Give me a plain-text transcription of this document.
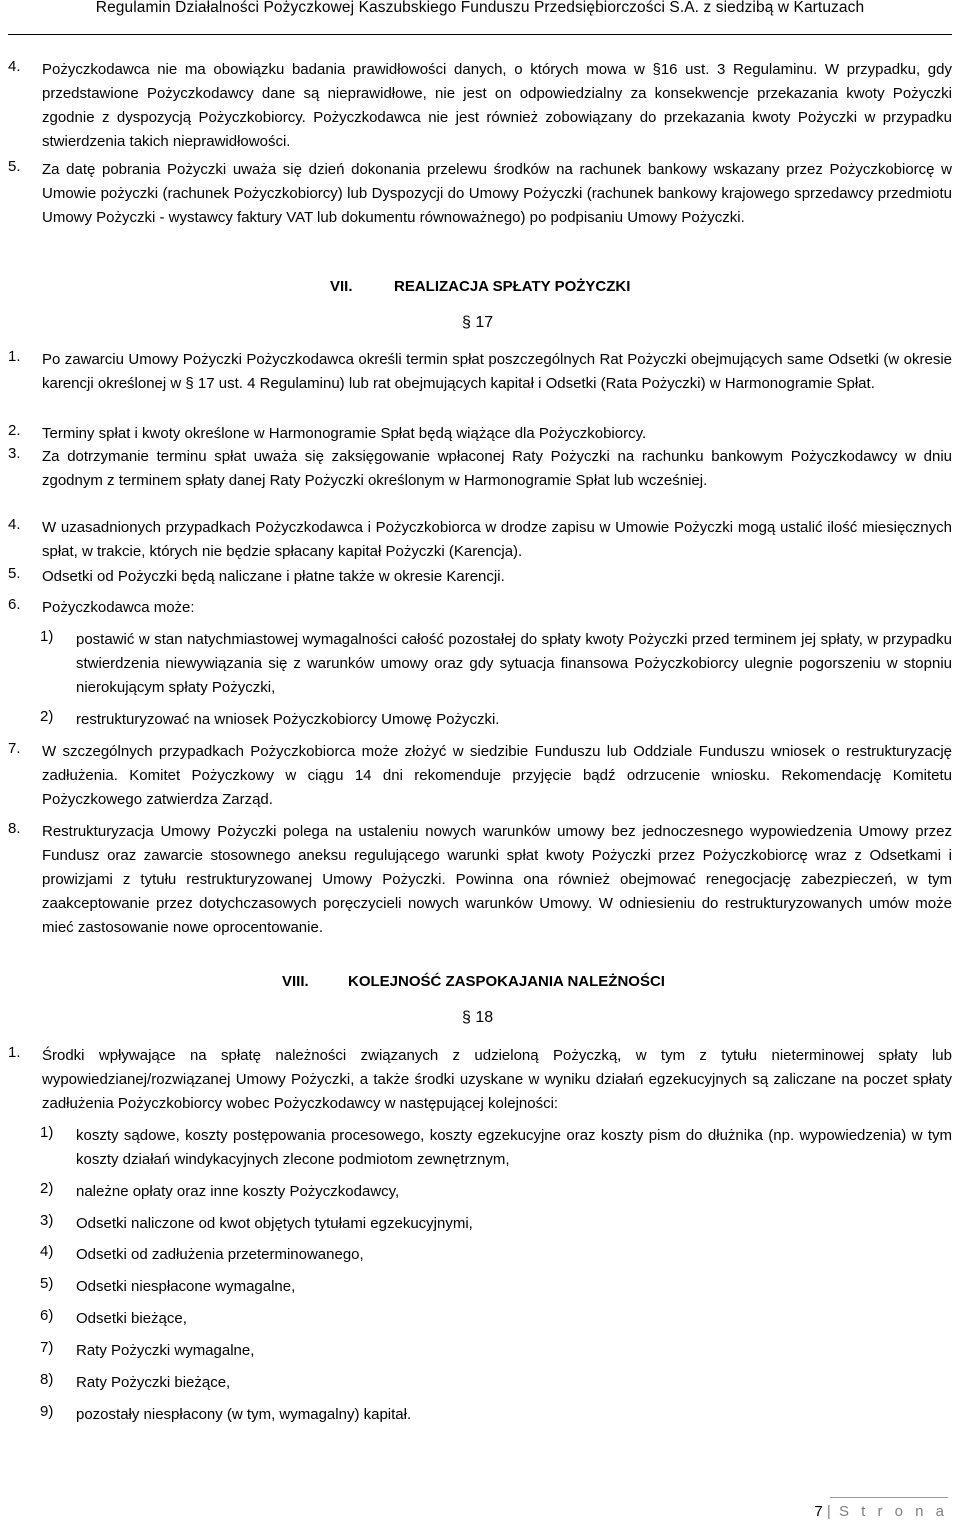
Regulamin Działalności Pożyczkowej Kaszubskiego Funduszu Przedsiębiorczości S.A. z siedzibą w Kartuzach
4. Pożyczkodawca nie ma obowiązku badania prawidłowości danych, o których mowa w §16 ust. 3 Regulaminu. W przypadku, gdy przedstawione Pożyczkodawcy dane są nieprawidłowe, nie jest on odpowiedzialny za konsekwencje przekazania kwoty Pożyczki zgodnie z dyspozycją Pożyczkobiorcy. Pożyczkodawca nie jest również zobowiązany do przekazania kwoty Pożyczki w przypadku stwierdzenia takich nieprawidłowości.
5. Za datę pobrania Pożyczki uważa się dzień dokonania przelewu środków na rachunek bankowy wskazany przez Pożyczkobiorcę w Umowie pożyczki (rachunek Pożyczkobiorcy) lub Dyspozycji do Umowy Pożyczki (rachunek bankowy krajowego sprzedawcy przedmiotu Umowy Pożyczki - wystawcy faktury VAT lub dokumentu równoważnego) po podpisaniu Umowy Pożyczki.
VII.	REALIZACJA SPŁATY POŻYCZKI
§ 17
1. Po zawarciu Umowy Pożyczki Pożyczkodawca określi termin spłat poszczególnych Rat Pożyczki obejmujących same Odsetki (w okresie karencji określonej w § 17 ust. 4 Regulaminu) lub rat obejmujących kapitał i Odsetki (Rata Pożyczki) w Harmonogramie Spłat.
2. Terminy spłat i kwoty określone w Harmonogramie Spłat będą wiążące dla Pożyczkobiorcy.
3. Za dotrzymanie terminu spłat uważa się zaksięgowanie wpłaconej Raty Pożyczki na rachunku bankowym Pożyczkodawcy w dniu zgodnym z terminem spłaty danej Raty Pożyczki określonym w Harmonogramie Spłat lub wcześniej.
4. W uzasadnionych przypadkach Pożyczkodawca i Pożyczkobiorca w drodze zapisu w Umowie Pożyczki mogą ustalić ilość miesięcznych spłat, w trakcie, których nie będzie spłacany kapitał Pożyczki (Karencja).
5. Odsetki od Pożyczki będą naliczane i płatne także w okresie Karencji.
6. Pożyczkodawca może:
1) postawić w stan natychmiastowej wymagalności całość pozostałej do spłaty kwoty Pożyczki przed terminem jej spłaty, w przypadku stwierdzenia niewywiązania się z warunków umowy oraz gdy sytuacja finansowa Pożyczkobiorcy ulegnie pogorszeniu w stopniu nierokującym spłaty Pożyczki,
2) restrukturyzować na wniosek Pożyczkobiorcy Umowę Pożyczki.
7. W szczególnych przypadkach Pożyczkobiorca może złożyć w siedzibie Funduszu lub Oddziale Funduszu wniosek o restrukturyzację zadłużenia. Komitet Pożyczkowy w ciągu 14 dni rekomenduje przyjęcie bądź odrzucenie wniosku. Rekomendację Komitetu Pożyczkowego zatwierdza Zarząd.
8. Restrukturyzacja Umowy Pożyczki polega na ustaleniu nowych warunków umowy bez jednoczesnego wypowiedzenia Umowy przez Fundusz oraz zawarcie stosownego aneksu regulującego warunki spłat kwoty Pożyczki przez Pożyczkobiorcę wraz z Odsetkami i prowizjami z tytułu restrukturyzowanej Umowy Pożyczki. Powinna ona również obejmować renegocjację zabezpieczeń, w tym zaakceptowanie przez dotychczasowych poręczycieli nowych warunków Umowy. W odniesieniu do restrukturyzowanych umów może mieć zastosowanie nowe oprocentowanie.
VIII.	KOLEJNOŚĆ ZASPOKAJANIA NALEŻNOŚCI
§ 18
1. Środki wpływające na spłatę należności związanych z udzieloną Pożyczką, w tym z tytułu nieterminowej spłaty lub wypowiedzianej/rozwiązanej Umowy Pożyczki, a także środki uzyskane w wyniku działań egzekucyjnych są zaliczane na poczet spłaty zadłużenia Pożyczkobiorcy wobec Pożyczkodawcy w następującej kolejności:
1) koszty sądowe, koszty postępowania procesowego, koszty egzekucyjne oraz koszty pism do dłużnika (np. wypowiedzenia) w tym koszty działań windykacyjnych zlecone podmiotom zewnętrznym,
2) należne opłaty oraz inne koszty Pożyczkodawcy,
3) Odsetki naliczone od kwot objętych tytułami egzekucyjnymi,
4) Odsetki od zadłużenia przeterminowanego,
5) Odsetki niespłacone wymagalne,
6) Odsetki bieżące,
7) Raty Pożyczki wymagalne,
8) Raty Pożyczki bieżące,
9) pozostały niespłacony (w tym, wymagalny) kapitał.
7 | S t r o n a
